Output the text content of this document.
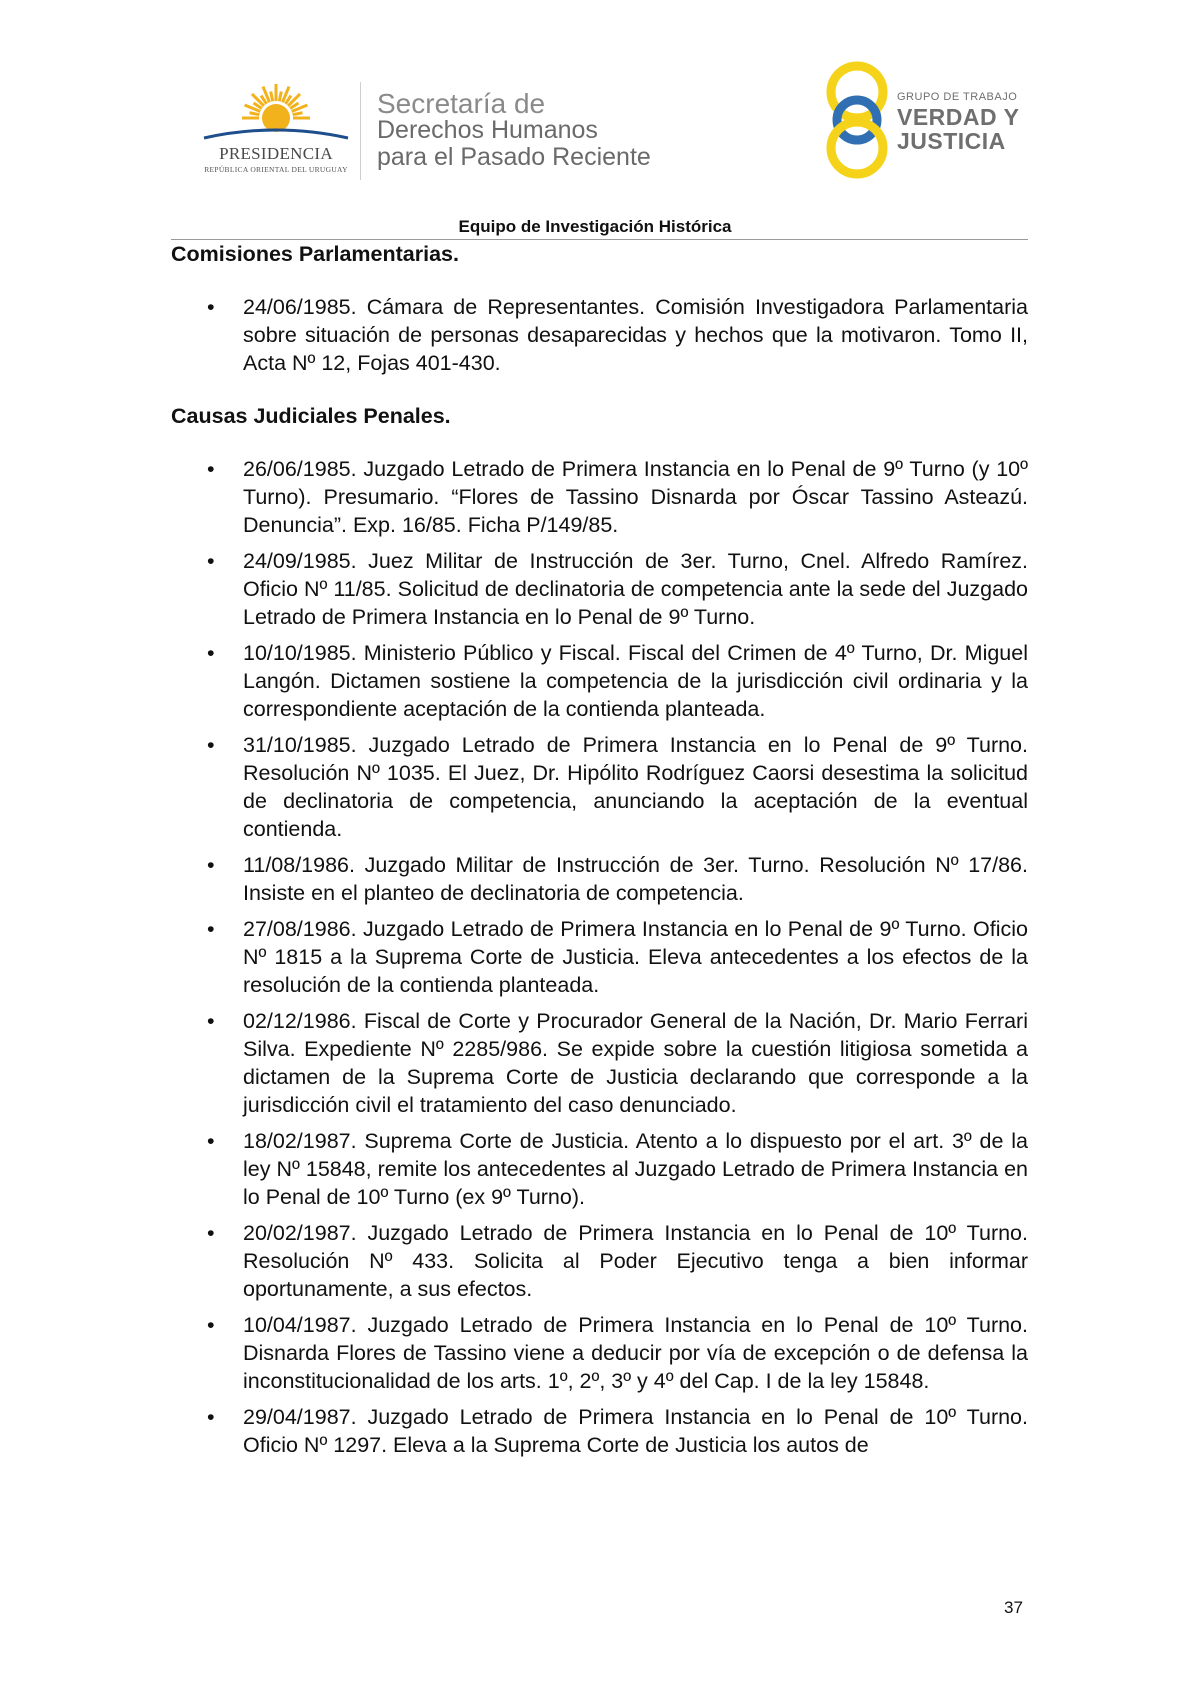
PRESIDENCIA
REPÚBLICA ORIENTAL DEL URUGUAY
Secretaría de
Derechos Humanos
para el Pasado Reciente
GRUPO DE TRABAJO
VERDAD Y
JUSTICIA
Equipo de Investigación Histórica

Comisiones Parlamentarias.

• 24/06/1985. Cámara de Representantes. Comisión Investigadora Parlamentaria sobre situación de personas desaparecidas y hechos que la motivaron. Tomo II, Acta Nº 12, Fojas 401-430.

Causas Judiciales Penales.

• 26/06/1985. Juzgado Letrado de Primera Instancia en lo Penal de 9º Turno (y 10º Turno). Presumario. “Flores de Tassino Disnarda por Óscar Tassino Asteazú. Denuncia”. Exp. 16/85. Ficha P/149/85.
• 24/09/1985. Juez Militar de Instrucción de 3er. Turno, Cnel. Alfredo Ramírez. Oficio Nº 11/85. Solicitud de declinatoria de competencia ante la sede del Juzgado Letrado de Primera Instancia en lo Penal de 9º Turno.
• 10/10/1985. Ministerio Público y Fiscal. Fiscal del Crimen de 4º Turno, Dr. Miguel Langón. Dictamen sostiene la competencia de la jurisdicción civil ordinaria y la correspondiente aceptación de la contienda planteada.
• 31/10/1985. Juzgado Letrado de Primera Instancia en lo Penal de 9º Turno. Resolución Nº 1035. El Juez, Dr. Hipólito Rodríguez Caorsi desestima la solicitud de declinatoria de competencia, anunciando la aceptación de la eventual contienda.
• 11/08/1986. Juzgado Militar de Instrucción de 3er. Turno. Resolución Nº 17/86. Insiste en el planteo de declinatoria de competencia.
• 27/08/1986. Juzgado Letrado de Primera Instancia en lo Penal de 9º Turno. Oficio Nº 1815 a la Suprema Corte de Justicia. Eleva antecedentes a los efectos de la resolución de la contienda planteada.
• 02/12/1986. Fiscal de Corte y Procurador General de la Nación, Dr. Mario Ferrari Silva. Expediente Nº 2285/986. Se expide sobre la cuestión litigiosa sometida a dictamen de la Suprema Corte de Justicia declarando que corresponde a la jurisdicción civil el tratamiento del caso denunciado.
• 18/02/1987. Suprema Corte de Justicia. Atento a lo dispuesto por el art. 3º de la ley Nº 15848, remite los antecedentes al Juzgado Letrado de Primera Instancia en lo Penal de 10º Turno (ex 9º Turno).
• 20/02/1987. Juzgado Letrado de Primera Instancia en lo Penal de 10º Turno. Resolución Nº 433. Solicita al Poder Ejecutivo tenga a bien informar oportunamente, a sus efectos.
• 10/04/1987. Juzgado Letrado de Primera Instancia en lo Penal de 10º Turno. Disnarda Flores de Tassino viene a deducir por vía de excepción o de defensa la inconstitucionalidad de los arts. 1º, 2º, 3º y 4º del Cap. I de la ley 15848.
• 29/04/1987. Juzgado Letrado de Primera Instancia en lo Penal de 10º Turno. Oficio Nº 1297. Eleva a la Suprema Corte de Justicia los autos de
37
